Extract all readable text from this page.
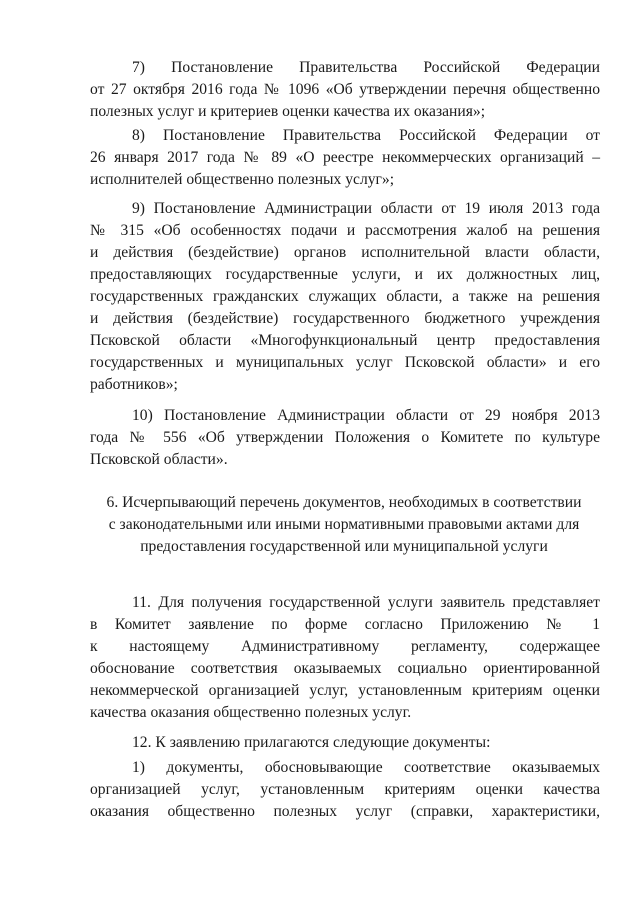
7) Постановление Правительства Российской Федерации
от 27 октября 2016 года № 1096 «Об утверждении перечня общественно
полезных услуг и критериев оценки качества их оказания»;

8) Постановление Правительства Российской Федерации от
26 января 2017 года № 89 «О реестре некоммерческих организаций –
исполнителей общественно полезных услуг»;

9) Постановление Администрации области от 19 июля 2013 года
№ 315 «Об особенностях подачи и рассмотрения жалоб на решения
и действия (бездействие) органов исполнительной власти области,
предоставляющих государственные услуги, и их должностных лиц,
государственных гражданских служащих области, а также на решения
и действия (бездействие) государственного бюджетного учреждения
Псковской области «Многофункциональный центр предоставления
государственных и муниципальных услуг Псковской области» и его
работников»;

10) Постановление Администрации области от 29 ноября 2013
года № 556 «Об утверждении Положения о Комитете по культуре
Псковской области».

6. Исчерпывающий перечень документов, необходимых в соответствии
с законодательными или иными нормативными правовыми актами для
предоставления государственной или муниципальной услуги

11. Для получения государственной услуги заявитель представляет
в Комитет заявление по форме согласно Приложению № 1
к настоящему Административному регламенту, содержащее
обоснование соответствия оказываемых социально ориентированной
некоммерческой организацией услуг, установленным критериям оценки
качества оказания общественно полезных услуг.

12. К заявлению прилагаются следующие документы:

1) документы, обосновывающие соответствие оказываемых
организацией услуг, установленным критериям оценки качества
оказания общественно полезных услуг (справки, характеристики,
